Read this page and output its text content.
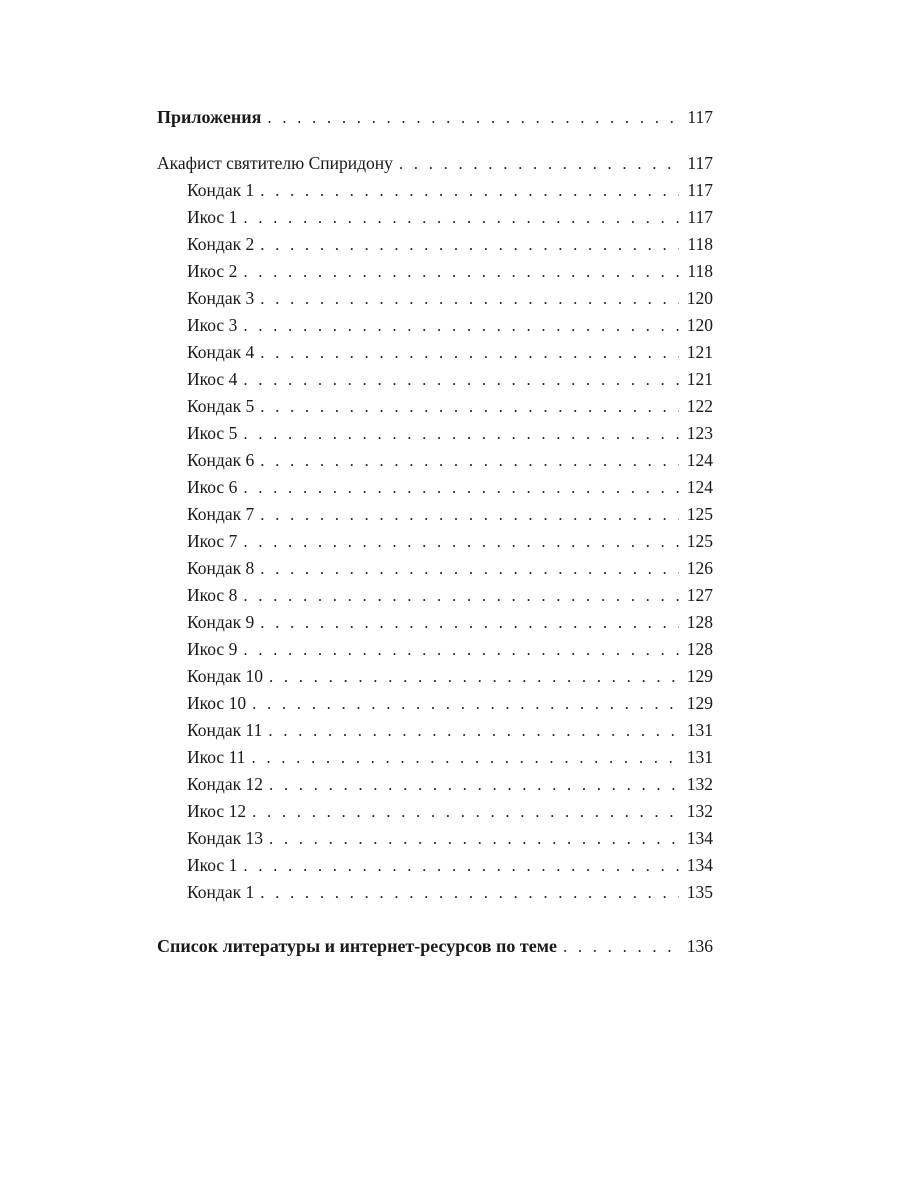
Приложения . . .	117
Акафист святителю Спиридону . . .	117
Кондак 1 . . .	117
Икос 1 . . .	117
Кондак 2 . . .	118
Икос 2 . . .	118
Кондак 3 . . .	120
Икос 3 . . .	120
Кондак 4 . . .	121
Икос 4 . . .	121
Кондак 5 . . .	122
Икос 5 . . .	123
Кондак 6 . . .	124
Икос 6 . . .	124
Кондак 7 . . .	125
Икос 7 . . .	125
Кондак 8 . . .	126
Икос 8 . . .	127
Кондак 9 . . .	128
Икос 9 . . .	128
Кондак 10 . . .	129
Икос 10 . . .	129
Кондак 11 . . .	131
Икос 11 . . .	131
Кондак 12 . . .	132
Икос 12 . . .	132
Кондак 13 . . .	134
Икос 1 . . .	134
Кондак 1 . . .	135
Список литературы и интернет-ресурсов по теме . . .	136
